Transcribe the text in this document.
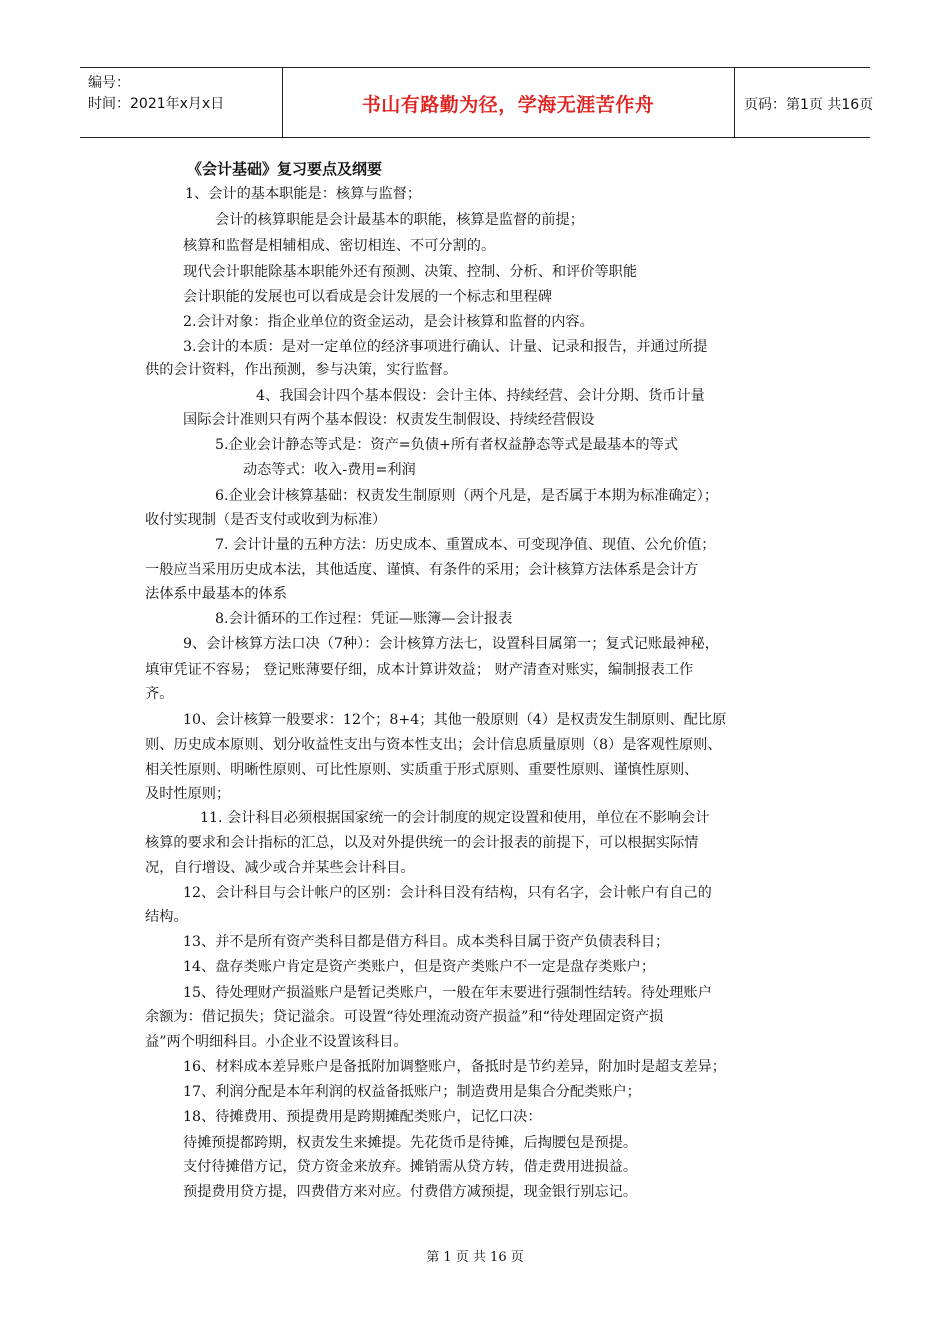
编号：
时间：2021年x月x日	书山有路勤为径，学海无涯苦作舟	页码：第1页 共16页
《会计基础》复习要点及纲要
1、会计的基本职能是：核算与监督；
会计的核算职能是会计最基本的职能，核算是监督的前提；
核算和监督是相辅相成、密切相连、不可分割的。
现代会计职能除基本职能外还有预测、决策、控制、分析、和评价等职能
会计职能的发展也可以看成是会计发展的一个标志和里程碑
2.会计对象：指企业单位的资金运动，是会计核算和监督的内容。
3.会计的本质：是对一定单位的经济事项进行确认、计量、记录和报告，并通过所提
供的会计资料，作出预测，参与决策，实行监督。
4、我国会计四个基本假设：会计主体、持续经营、会计分期、货币计量
国际会计准则只有两个基本假设：权责发生制假设、持续经营假设
5.企业会计静态等式是：资产=负债+所有者权益静态等式是最基本的等式
动态等式：收入-费用=利润
6.企业会计核算基础：权责发生制原则（两个凡是，是否属于本期为标准确定）；
收付实现制（是否支付或收到为标准）
7. 会计计量的五种方法：历史成本、重置成本、可变现净值、现值、公允价值；
一般应当采用历史成本法，其他适度、谨慎、有条件的采用；会计核算方法体系是会计方
法体系中最基本的体系
8.会计循环的工作过程：凭证—账簿—会计报表
9、会计核算方法口决（7种）：会计核算方法七，设置科目属第一；复式记账最神秘，
填审凭证不容易； 登记账薄要仔细，成本计算讲效益； 财产清查对账实，编制报表工作
齐。
10、会计核算一般要求：12个；8+4；其他一般原则（4）是权责发生制原则、配比原
则、历史成本原则、划分收益性支出与资本性支出；会计信息质量原则（8）是客观性原则、
相关性原则、明晰性原则、可比性原则、实质重于形式原则、重要性原则、谨慎性原则、
及时性原则；
11. 会计科目必须根据国家统一的会计制度的规定设置和使用，单位在不影响会计
核算的要求和会计指标的汇总，以及对外提供统一的会计报表的前提下，可以根据实际情
况，自行增设、减少或合并某些会计科目。
12、会计科目与会计帐户的区别：会计科目没有结构，只有名字，会计帐户有自己的
结构。
13、并不是所有资产类科目都是借方科目。成本类科目属于资产负债表科目；
14、盘存类账户肯定是资产类账户，但是资产类账户不一定是盘存类账户；
15、待处理财产损溢账户是暂记类账户，一般在年末要进行强制性结转。待处理账户
余额为：借记损失；贷记溢余。可设置“待处理流动资产损益”和“待处理固定资产损
益”两个明细科目。小企业不设置该科目。
16、材料成本差异账户是备抵附加调整账户，备抵时是节约差异，附加时是超支差异；
17、利润分配是本年利润的权益备抵账户；制造费用是集合分配类账户；
18、待摊费用、预提费用是跨期摊配类账户，记忆口决：
待摊预提都跨期，权责发生来摊提。先花货币是待摊，后掏腰包是预提。
支付待摊借方记，贷方资金来放弃。摊销需从贷方转，借走费用进损益。
预提费用贷方提，四费借方来对应。付费借方减预提，现金银行别忘记。
第 1 页 共 16 页
